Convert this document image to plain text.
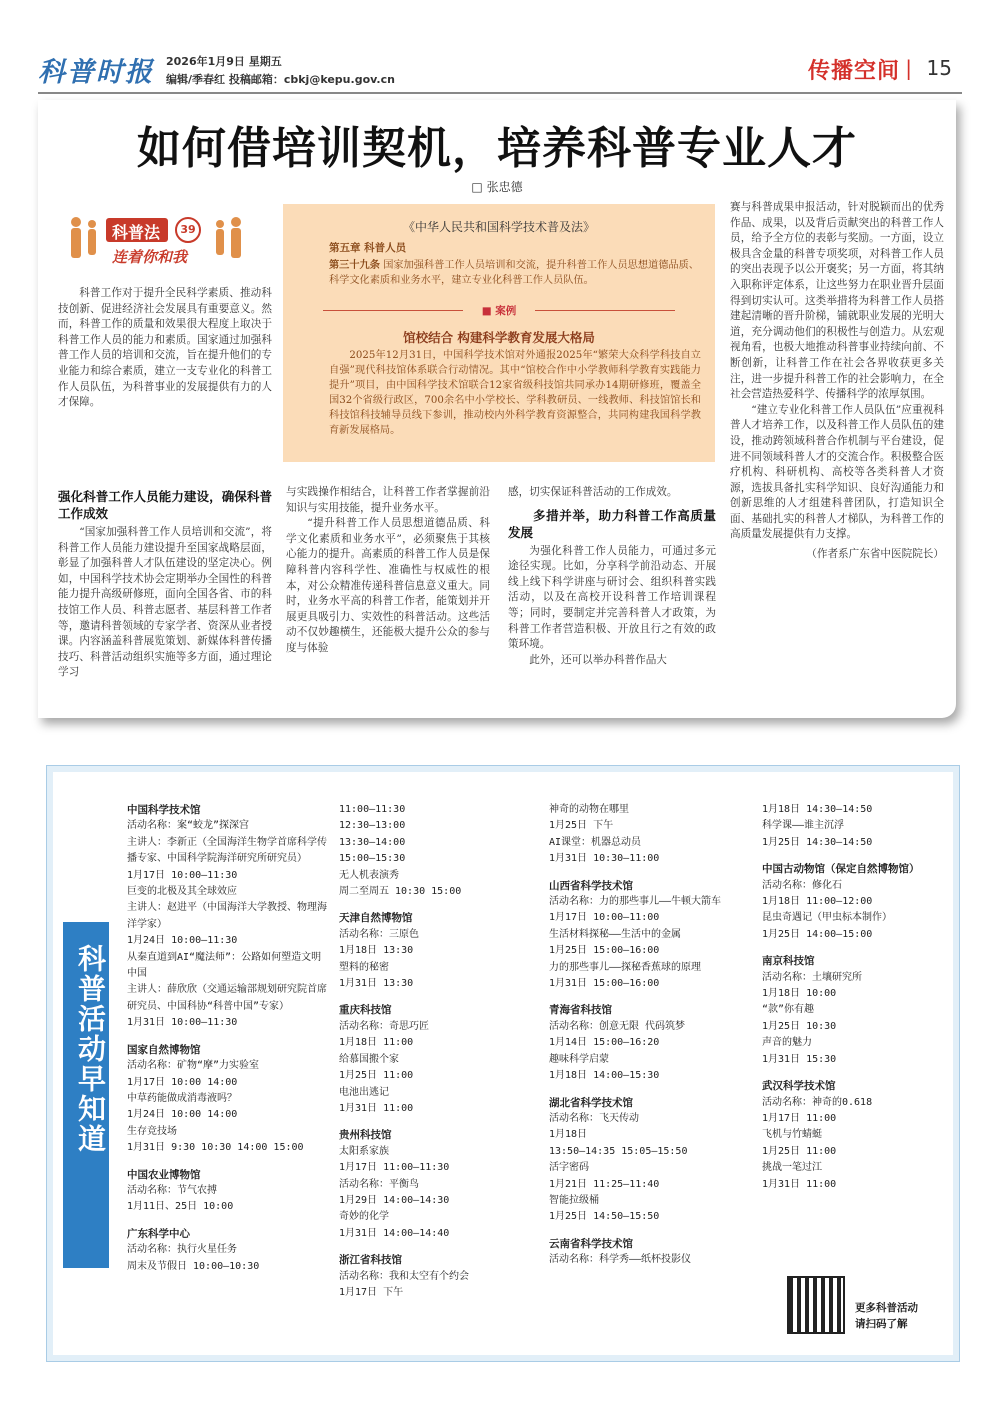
科普时报 2026年1月9日 星期五
编辑/季春红 投稿邮箱：cbkj@kepu.gov.cn	传播空间 | 15
如何借培训契机，培养科普专业人才
□ 张忠德
科普法 39
连着你和我

科普工作对于提升全民科学素质、推动科技创新、促进经济社会发展具有重要意义。然而，科普工作的质量和效果很大程度上取决于科普工作人员的能力和素质。国家通过加强科普工作人员的培训和交流，旨在提升他们的专业能力和综合素质，建立一支专业化的科普工作人员队伍，为科普事业的发展提供有力的人才保障。

强化科普工作人员能力建设，确保科普工作成效

“国家加强科普工作人员培训和交流”，将科普工作人员能力建设提升至国家战略层面，彰显了加强科普人才队伍建设的坚定决心。例如，中国科学技术协会定期举办全国性的科普能力提升高级研修班，面向全国各省、市的科技馆工作人员、科普志愿者、基层科普工作者等，邀请科普领域的专家学者、资深从业者授课。内容涵盖科普展览策划、新媒体科普传播技巧、科普活动组织实施等多方面，通过理论学习

与实践操作相结合，让科普工作者掌握前沿知识与实用技能，提升业务水平。

“提升科普工作人员思想道德品质、科学文化素质和业务水平”，必须聚焦于其核心能力的提升。高素质的科普工作人员是保障科普内容科学性、准确性与权威性的根本，对公众精准传递科普信息意义重大。同时，业务水平高的科普工作者，能策划并开展更具吸引力、实效性的科普活动。这些活动不仅妙趣横生，还能极大提升公众的参与度与体验

感，切实保证科普活动的工作成效。

多措并举，助力科普工作高质量发展

为强化科普工作人员能力，可通过多元途径实现。比如，分享科学前沿动态、开展线上线下科学讲座与研讨会、组织科普实践活动，以及在高校开设科普工作培训课程等；同时，要制定并完善科普人才政策，为科普工作者营造积极、开放且行之有效的政策环境。

此外，还可以举办科普作品大

赛与科普成果申报活动，针对脱颖而出的优秀作品、成果，以及背后贡献突出的科普工作人员，给予全方位的表彰与奖励。一方面，设立极具含金量的科普专项奖项，对科普工作人员的突出表现予以公开褒奖；另一方面，将其纳入职称评定体系，让这些努力在职业晋升层面得到切实认可。这类举措将为科普工作人员搭建起清晰的晋升阶梯，铺就职业发展的光明大道，充分调动他们的积极性与创造力。从宏观视角看，也极大地推动科普事业持续向前、不断创新，让科普工作在社会各界收获更多关注，进一步提升科普工作的社会影响力，在全社会营造热爱科学、传播科学的浓厚氛围。

“建立专业化科普工作人员队伍”应重视科普人才培养工作，以及科普工作人员队伍的建设，推动跨领域科普合作机制与平台建设，促进不同领域科普人才的交流合作。积极整合医疗机构、科研机构、高校等各类科普人才资源，选拔具备扎实科学知识、良好沟通能力和创新思维的人才组建科普团队，打造知识全面、基础扎实的科普人才梯队，为科普工作的高质量发展提供有力支撑。

（作者系广东省中医院院长）

《中华人民共和国科学技术普及法》
第五章 科普人员
第三十九条 国家加强科普工作人员培训和交流，提升科普工作人员思想道德品质、科学文化素质和业务水平，建立专业化科普工作人员队伍。
■ 案例
馆校结合 构建科学教育发展大格局
2025年12月31日，中国科学技术馆对外通报2025年“繁荣大众科学科技自立自强”现代科技馆体系联合行动情况。其中“馆校合作中小学教师科学教育实践能力提升”项目，由中国科学技术馆联合12家省级科技馆共同承办14期研修班，覆盖全国32个省级行政区，700余名中小学校长、学科教研员、一线教师、科技馆馆长和科技馆科技辅导员线下参训，推动校内外科学教育资源整合，共同构建我国科学教育新发展格局。
科普活动早知道
中国科学技术馆
活动名称：案“蛟龙”探深宫
主讲人：李新正（全国海洋生物学首席科学传播专家、中国科学院海洋研究所研究员）
1月17日 10:00—11:30
巨变的北极及其全球效应
主讲人：赵进平（中国海洋大学教授、物理海洋学家）
1月24日 10:00—11:30
从秦直道到AI“魔法师”：公路如何塑造文明中国
主讲人：薛欣欣（交通运输部规划研究院首席研究员、中国科协“科普中国”专家）
1月31日 10:00—11:30
国家自然博物馆
活动名称：矿物“摩”力实验室
1月17日 10:00 14:00
中草药能做成消毒液吗？
1月24日 10:00 14:00
生存竞技场
1月31日 9:30 10:30 14:00 15:00
中国农业博物馆
活动名称：节气农搏
1月11日、25日 10:00
广东科学中心
活动名称：执行火星任务
周末及节假日 10:00—10:30
11:00—11:30
12:30—13:00
13:30—14:00
15:00—15:30
无人机表演秀
周二至周五 10:30 15:00
天津自然博物馆
活动名称：三原色
1月18日 13:30
塑料的秘密
1月31日 13:30
重庆科技馆
活动名称：奇思巧匠
1月18日 11:00
给慕国搬个家
1月25日 11:00
电池出逃记
1月31日 11:00
贵州科技馆
太阳系家族
1月17日 11:00—11:30
活动名称：平衡鸟
1月29日 14:00—14:30
奇妙的化学
1月31日 14:00—14:40
浙江省科技馆
活动名称：我和太空有个约会
1月17日 下午
神奇的动物在哪里
1月25日 下午
AI课堂：机器总动员
1月31日 10:30—11:00
山西省科学技术馆
活动名称：力的那些事儿——牛顿大箭车
1月17日 10:00—11:00
生活材料探秘——生活中的金属
1月25日 15:00—16:00
力的那些事儿——探秘香蕉球的原理
1月31日 15:00—16:00
青海省科技馆
活动名称：创意无限 代码筑梦
1月14日 15:00—16:20
趣味科学启蒙
1月18日 14:00—15:30
湖北省科学技术馆
活动名称：飞天传动
1月18日
13:50—14:35 15:05—15:50
活字密码
1月21日 11:25—11:40
智能拉级桶
1月25日 14:50—15:50
云南省科学技术馆
活动名称：科学秀——纸杯投影仪
1月18日 14:30—14:50
科学课——谁主沉浮
1月25日 14:30—14:50
中国古动物馆（保定自然博物馆）
活动名称：修化石
1月18日 11:00—12:00
昆虫奇遇记（甲虫标本制作）
1月25日 14:00—15:00
南京科技馆
活动名称：土壤研究所
1月18日 10:00
“款”你有趣
1月25日 10:30
声音的魅力
1月31日 15:30
武汉科学技术馆
活动名称：神奇的0.618
1月17日 11:00
飞机与竹蜻蜓
1月25日 11:00
挑战一笔过江
1月31日 11:00
更多科普活动
请扫码了解
